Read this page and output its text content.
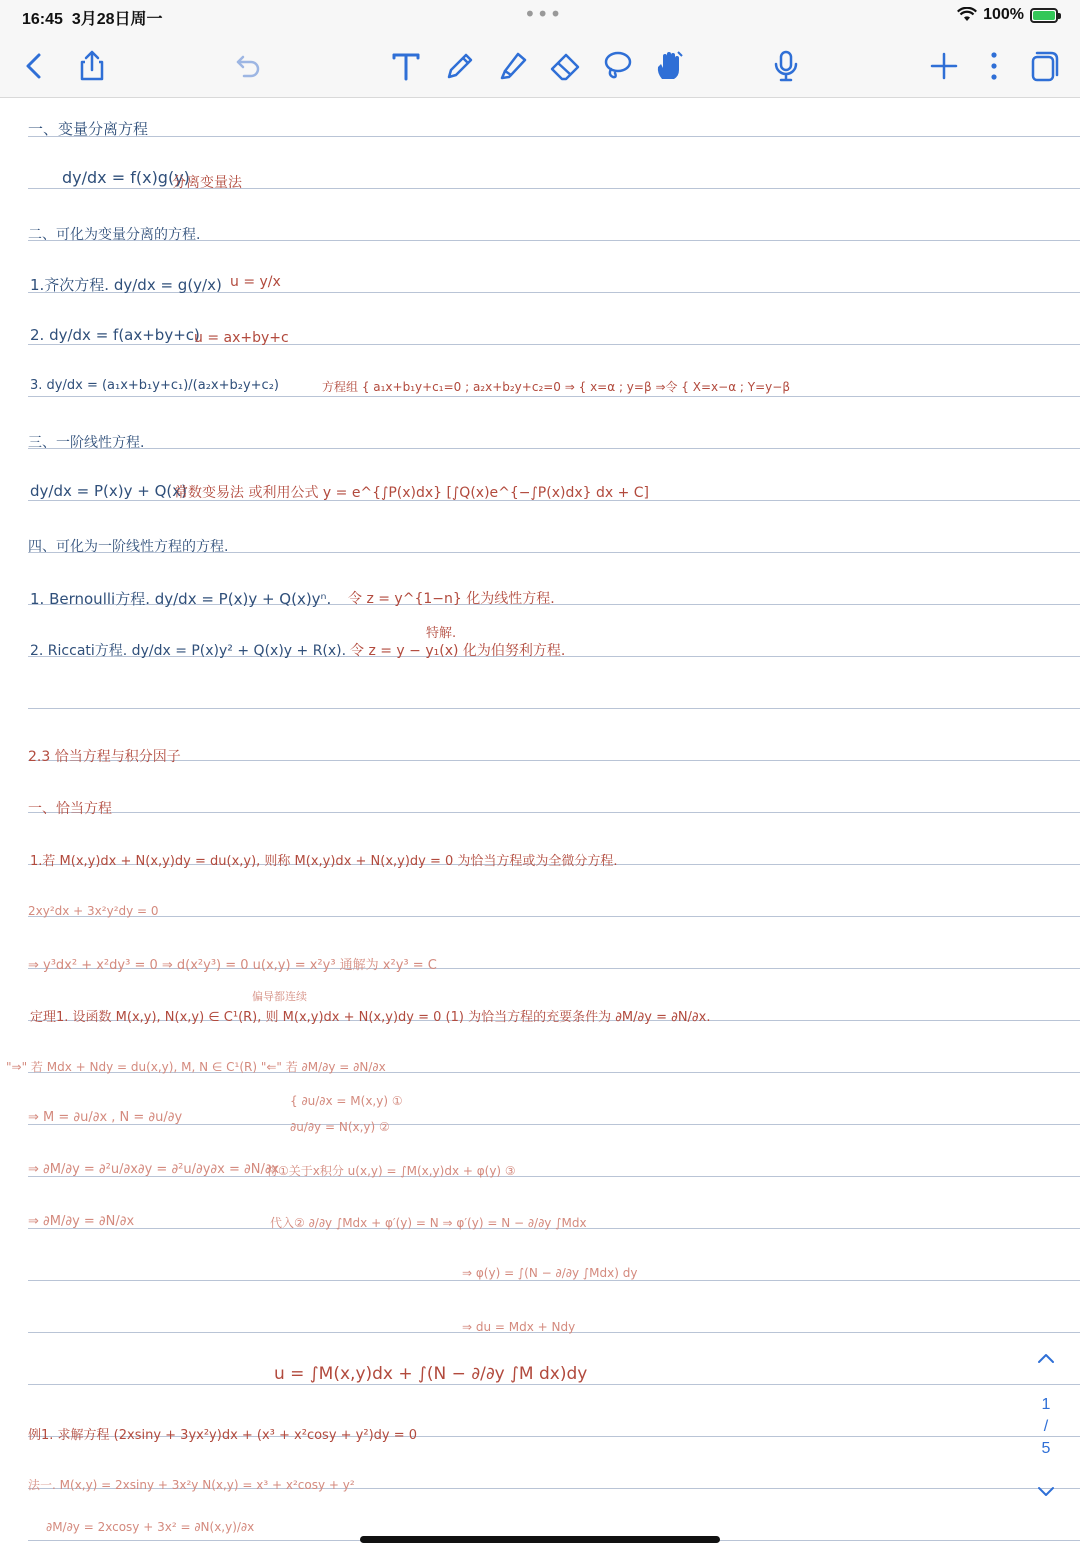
16:45 3月28日周一	•••	100%
一、变量分离方程
dy/dx = f(x)g(y)
分离变量法
二、可化为变量分离的方程.
1.齐次方程. dy/dx = g(y/x) u = y/x
2. dy/dx = f(ax+by+c)
u = ax+by+c
3. dy/dx = (a₁x+b₁y+c₁)/(a₂x+b₂y+c₂)	方程组 { a₁x+b₁y+c₁=0 ; a₂x+b₂y+c₂=0 ⇒ { x=α ; y=β ⇒令 { X=x−α ; Y=y−β
三、一阶线性方程.
dy/dx = P(x)y + Q(x)
常数变易法 或利用公式 y = e^{∫P(x)dx} [∫Q(x)e^{−∫P(x)dx} dx + C]
四、可化为一阶线性方程的方程.
1. Bernoulli方程. dy/dx = P(x)y + Q(x)yⁿ. 令 z = y^{1−n} 化为线性方程.
特解.
2. Riccati方程. dy/dx = P(x)y² + Q(x)y + R(x). 令 z = y − y₁(x) 化为伯努利方程.
2.3 恰当方程与积分因子
一、恰当方程
1.若 M(x,y)dx + N(x,y)dy = du(x,y), 则称 M(x,y)dx + N(x,y)dy = 0 为恰当方程或为全微分方程.
2xy²dx + 3x²y²dy = 0
⇒ y³dx² + x²dy³ = 0 ⇒ d(x²y³) = 0 u(x,y) = x²y³ 通解为 x²y³ = C
偏导都连续
定理1. 设函数 M(x,y), N(x,y) ∈ C¹(R), 则 M(x,y)dx + N(x,y)dy = 0 (1) 为恰当方程的充要条件为 ∂M/∂y = ∂N/∂x.
"⇒" 若 Mdx + Ndy = du(x,y), M, N ∈ C¹(R) "⇐" 若 ∂M/∂y = ∂N/∂x
⇒ M = ∂u/∂x , N = ∂u/∂y
{ ∂u/∂x = M(x,y) ①
∂u/∂y = N(x,y) ②
⇒ ∂M/∂y = ∂²u/∂x∂y = ∂²u/∂y∂x = ∂N/∂x
将①关于x积分 u(x,y) = ∫M(x,y)dx + φ(y) ③
⇒ ∂M/∂y = ∂N/∂x	代入② ∂/∂y ∫Mdx + φ′(y) = N ⇒ φ′(y) = N − ∂/∂y ∫Mdx
⇒ φ(y) = ∫(N − ∂/∂y ∫Mdx) dy
⇒ du = Mdx + Ndy
u = ∫M(x,y)dx + ∫(N − ∂/∂y ∫M dx)dy
例1. 求解方程 (2xsiny + 3yx²y)dx + (x³ + x²cosy + y²)dy = 0
法一. M(x,y) = 2xsiny + 3x²y N(x,y) = x³ + x²cosy + y²
∂M/∂y = 2xcosy + 3x² = ∂N(x,y)/∂x
1
/
5
